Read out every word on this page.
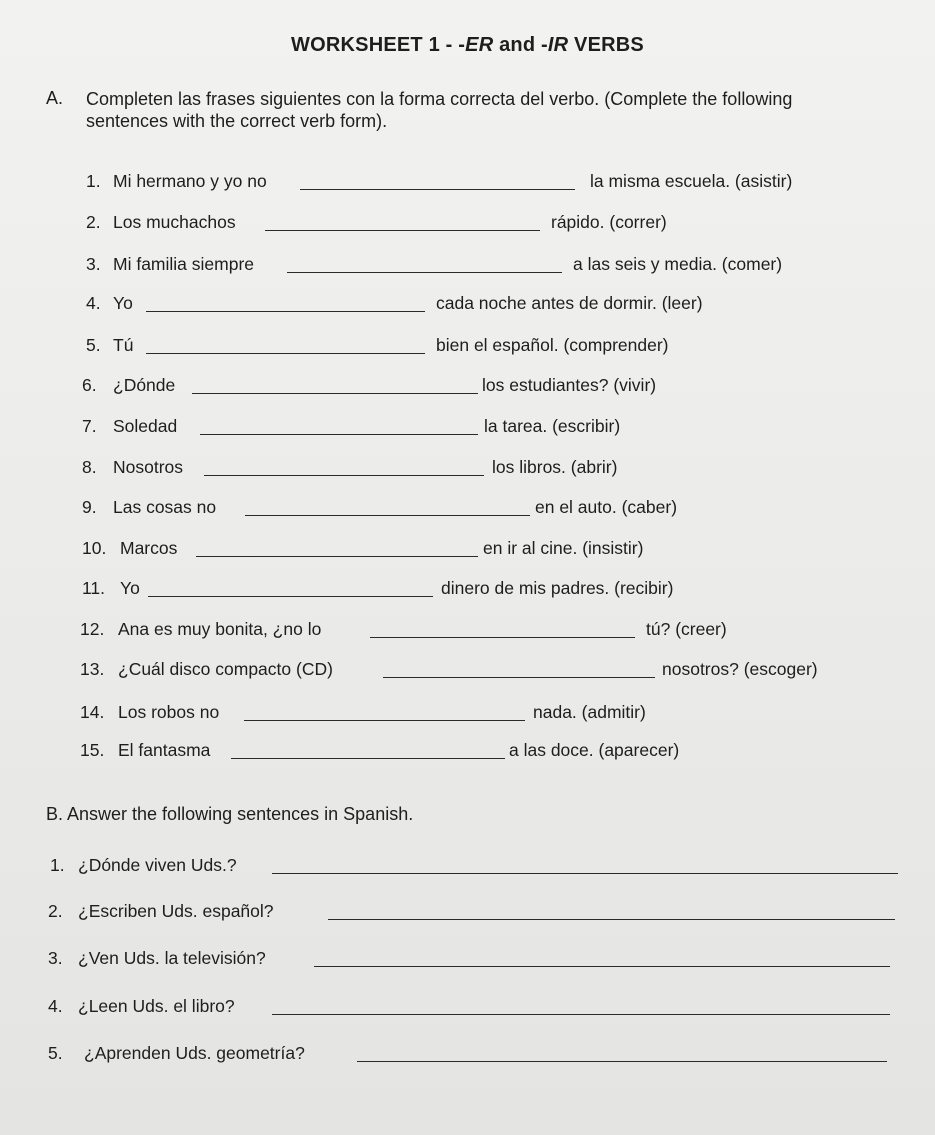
WORKSHEET 1 - -ER and -IR VERBS
A. Completen las frases siguientes con la forma correcta del verbo. (Complete the following sentences with the correct verb form).
1. Mi hermano y yo no	la misma escuela. (asistir)
2. Los muchachos	rápido. (correr)
3. Mi familia siempre	a las seis y media. (comer)
4. Yo	cada noche antes de dormir. (leer)
5. Tú	bien el español. (comprender)
6. ¿Dónde	los estudiantes? (vivir)
7. Soledad	la tarea. (escribir)
8. Nosotros	los libros. (abrir)
9. Las cosas no	en el auto. (caber)
10. Marcos	en ir al cine. (insistir)
11. Yo	dinero de mis padres. (recibir)
12. Ana es muy bonita, ¿no lo	tú? (creer)
13. ¿Cuál disco compacto (CD)	nosotros? (escoger)
14. Los robos no	nada. (admitir)
15. El fantasma	a las doce. (aparecer)
B. Answer the following sentences in Spanish.
1. ¿Dónde viven Uds.?
2. ¿Escriben Uds. español?
3. ¿Ven Uds. la televisión?
4. ¿Leen Uds. el libro?
5. ¿Aprenden Uds. geometría?
